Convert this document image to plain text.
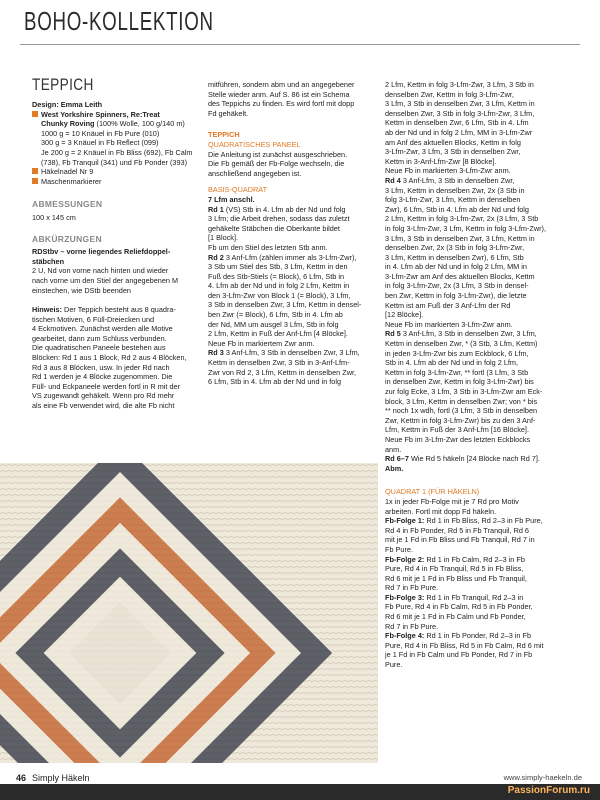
BOHO-KOLLEKTION
TEPPICH

Design: Emma Leith

West Yorkshire Spinners, Re:Treat

Chunky Roving (100% Wolle, 100 g/140 m)

1000 g = 10 Knäuel in Fb Pure (010)

300 g = 3 Knäuel in Fb Reflect (099)

Je 200 g = 2 Knäuel in Fb Bliss (692), Fb Calm

(738), Fb Tranquil (341) und Fb Ponder (393)

Häkelnadel Nr 9

Maschenmarkierer

ABMESSUNGEN

100 x 145 cm

ABKÜRZUNGEN

RDStbv – vorne liegendes Reliefdoppel-

stäbchen

2 U, Nd von vorne nach hinten und wieder

nach vorne um den Stiel der angegebenen M

einstechen, wie DStb beenden

Hinweis: Der Teppich besteht aus 8 quadra-

tischen Motiven, 6 Füll-Dreiecken und

4 Eckmotiven. Zunächst werden alle Motive

gearbeitet, dann zum Schluss verbunden.

Die quadratischen Paneele bestehen aus

Blöcken: Rd 1 aus 1 Block, Rd 2 aus 4 Blöcken,

Rd 3 aus 8 Blöcken, usw. In jeder Rd nach

Rd 1 werden je 4 Blöcke zugenommen. Die

Füll- und Eckpaneele werden fortl in R mit der

VS zugewandt gehäkelt. Wenn pro Rd mehr

als eine Fb verwendet wird, die alte Fb nicht

mitführen, sondern abm und an angegebener

Stelle wieder anm. Auf S. 86 ist ein Schema

des Teppichs zu finden. Es wird fortl mit dopp

Fd gehäkelt.

TEPPICH

QUADRATISCHES PANEEL

Die Anleitung ist zunächst ausgeschrieben.

Die Fb gemäß der Fb-Folge wechseln, die

anschließend angegeben ist.

BASIS-QUADRAT

7 Lfm anschl.

Rd 1 (VS) Stb in 4. Lfm ab der Nd und folg

3 Lfm; die Arbeit drehen, sodass das zuletzt

gehäkelte Stäbchen die Oberkante bildet

[1 Block].

Fb um den Stiel des letzten Stb anm.

Rd 2 3 Anf-Lfm (zählen immer als 3-Lfm-Zwr),

3 Stb um Stiel des Stb, 3 Lfm, Kettm in den

Fuß des Stb-Stiels (= Block), 6 Lfm, Stb in

4. Lfm ab der Nd und in folg 2 Lfm, Kettm in

den 3-Lfm-Zwr von Block 1 (= Block), 3 Lfm,

3 Stb in denselben Zwr, 3 Lfm, Kettm in densel-

ben Zwr (= Block), 6 Lfm, Stb in 4. Lfm ab

der Nd, MM um ausgel 3 Lfm, Stb in folg

2 Lfm, Kettm in Fuß der Anf-Lfm [4 Blöcke].

Neue Fb in markiertem Zwr anm.

Rd 3 3 Anf-Lfm, 3 Stb in denselben Zwr, 3 Lfm,

Kettm in denselben Zwr, 3 Stb in 3-Anf-Lfm-

Zwr von Rd 2, 3 Lfm, Kettm in denselben Zwr,

6 Lfm, Stb in 4. Lfm ab der Nd und in folg

2 Lfm, Kettm in folg 3-Lfm-Zwr, 3 Lfm, 3 Stb in

denselben Zwr, Kettm in folg 3-Lfm-Zwr,

3 Lfm, 3 Stb in denselben Zwr, 3 Lfm, Kettm in

denselben Zwr, 3 Stb in folg 3-Lfm-Zwr, 3 Lfm,

Kettm in denselben Zwr, 6 Lfm, Stb in 4. Lfm

ab der Nd und in folg 2 Lfm, MM in 3-Lfm-Zwr

am Anf des aktuellen Blocks, Kettm in folg

3-Lfm-Zwr, 3 Lfm, 3 Stb in denselben Zwr,

Kettm in 3-Anf-Lfm-Zwr [8 Blöcke].

Neue Fb in markierten 3-Lfm-Zwr anm.

Rd 4 3 Anf-Lfm, 3 Stb in denselben Zwr,

3 Lfm, Kettm in denselben Zwr, 2x (3 Stb in

folg 3-Lfm-Zwr, 3 Lfm, Kettm in denselben

Zwr), 6 Lfm, Stb in 4. Lfm ab der Nd und folg

2 Lfm, Kettm in folg 3-Lfm-Zwr, 2x (3 Lfm, 3 Stb

in folg 3-Lfm-Zwr, 3 Lfm, Kettm in folg 3-Lfm-Zwr),

3 Lfm, 3 Stb in denselben Zwr, 3 Lfm, Kettm in

denselben Zwr, 2x (3 Stb in folg 3-Lfm-Zwr,

3 Lfm, Kettm in denselben Zwr), 6 Lfm, Stb

in 4. Lfm ab der Nd und in folg 2 Lfm, MM in

3-Lfm-Zwr am Anf des aktuellen Blocks, Kettm

in folg 3-Lfm-Zwr, 2x (3 Lfm, 3 Stb in densel-

ben Zwr, Kettm in folg 3-Lfm-Zwr), die letzte

Kettm ist am Fuß der 3 Anf-Lfm der Rd

[12 Blöcke].

Neue Fb im markierten 3-Lfm-Zwr anm.

Rd 5 3 Anf-Lfm, 3 Stb in denselben Zwr, 3 Lfm,

Kettm in denselben Zwr, * (3 Stb, 3 Lfm, Kettm)

in jeden 3-Lfm-Zwr bis zum Eckblock, 6 Lfm,

Stb in 4. Lfm ab der Nd und in folg 2 Lfm,

Kettm in folg 3-Lfm-Zwr, ** fortl (3 Lfm, 3 Stb

in denselben Zwr, Kettm in folg 3-Lfm-Zwr) bis

zur folg Ecke, 3 Lfm, 3 Stb in 3-Lfm-Zwr am Eck-

block, 3 Lfm, Kettm in denselben Zwr; von * bis

** noch 1x wdh, fortl (3 Lfm, 3 Stb in denselben

Zwr, Kettm in folg 3-Lfm-Zwr) bis zu den 3 Anf-

Lfm, Kettm in Fuß der 3 Anf-Lfm [16 Blöcke].

Neue Fb im 3-Lfm-Zwr des letzten Eckblocks

anm.

Rd 6–7 Wie Rd 5 häkeln [24 Blöcke nach Rd 7].

Abm.

QUADRAT 1 (FÜR HÄKELN)

1x in jeder Fb-Folge mit je 7 Rd pro Motiv

arbeiten. Fortl mit dopp Fd häkeln.

Fb-Folge 1: Rd 1 in Fb Bliss, Rd 2–3 in Fb Pure,

Rd 4 in Fb Ponder, Rd 5 in Fb Tranquil, Rd 6

mit je 1 Fd in Fb Bliss und Fb Tranquil, Rd 7 in

Fb Pure.

Fb-Folge 2: Rd 1 in Fb Calm, Rd 2–3 in Fb

Pure, Rd 4 in Fb Tranquil, Rd 5 in Fb Bliss,

Rd 6 mit je 1 Fd in Fb Bliss und Fb Tranquil,

Rd 7 in Fb Pure.

Fb-Folge 3: Rd 1 in Fb Tranquil, Rd 2–3 in

Fb Pure, Rd 4 in Fb Calm, Rd 5 in Fb Ponder,

Rd 6 mit je 1 Fd in Fb Calm und Fb Ponder,

Rd 7 in Fb Pure.

Fb-Folge 4: Rd 1 in Fb Ponder, Rd 2–3 in Fb

Pure, Rd 4 in Fb Bliss, Rd 5 in Fb Calm, Rd 6 mit

je 1 Fd in Fb Calm und Fb Ponder, Rd 7 in Fb

Pure.

46 Simply Häkeln	www.simply-haekeln.de
PassionForum.ru
